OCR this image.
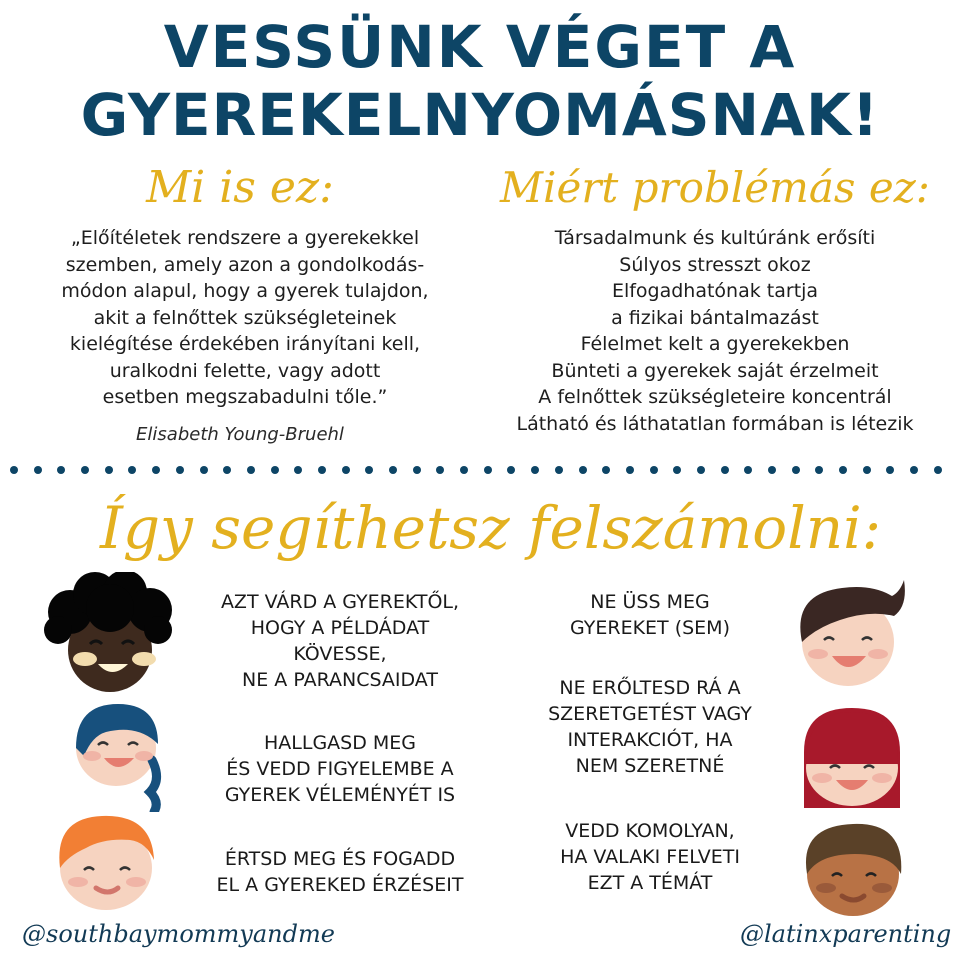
VESSÜNK VÉGET A
GYEREKELNYOMÁSNAK!
Mi is ez:	Miért problémás ez:
„Előítéletek rendszere a gyerekekkel
szemben, amely azon a gondolkodás-
módon alapul, hogy a gyerek tulajdon,
akit a felnőttek szükségleteinek
kielégítése érdekében irányítani kell,
uralkodni felette, vagy adott
esetben megszabadulni tőle.”
Elisabeth Young-Bruehl
Társadalmunk és kultúránk erősíti
Súlyos stresszt okoz
Elfogadhatónak tartja
a fizikai bántalmazást
Félelmet kelt a gyerekekben
Bünteti a gyerekek saját érzelmeit
A felnőttek szükségleteire koncentrál
Látható és láthatatlan formában is létezik
Így segíthetsz felszámolni:
AZT VÁRD A GYEREKTŐL,
HOGY A PÉLDÁDAT
KÖVESSE,
NE A PARANCSAIDAT
HALLGASD MEG
ÉS VEDD FIGYELEMBE A
GYEREK VÉLEMÉNYÉT IS
ÉRTSD MEG ÉS FOGADD
EL A GYEREKED ÉRZÉSEIT
NE ÜSS MEG
GYEREKET (SEM)
NE ERŐLTESD RÁ A
SZERETGETÉST VAGY
INTERAKCIÓT, HA
NEM SZERETNÉ
VEDD KOMOLYAN,
HA VALAKI FELVETI
EZT A TÉMÁT
@southbaymommyandme	@latinxparenting
